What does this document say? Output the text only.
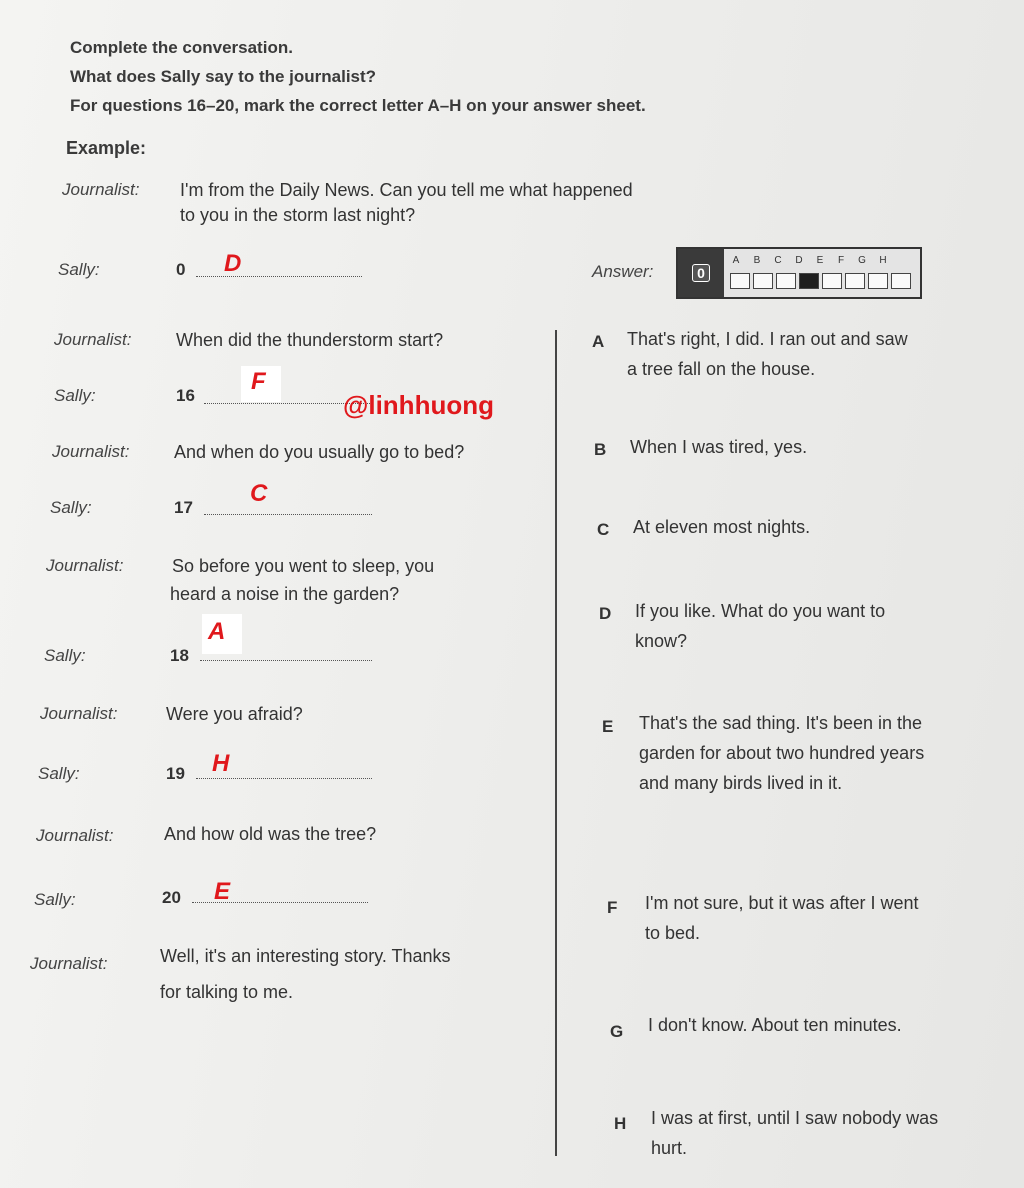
Complete the conversation.
What does Sally say to the journalist?
For questions 16–20, mark the correct letter A–H on your answer sheet.
Example:
Journalist: I'm from the Daily News. Can you tell me what happened
to you in the storm last night?
Sally:	0 D	Answer:	0
A B C D E F G H
Journalist: When did the thunderstorm start?
Sally:	16
F
Journalist: And when do you usually go to bed?
Sally:	17
C
Journalist:	So before you went to sleep, you
heard a noise in the garden?
Sally:	18
A
Journalist:	Were you afraid?
Sally:	19 H
Journalist:	And how old was the tree?
Sally:	20 E
Journalist:	Well, it's an interesting story. Thanks
for talking to me.
@linhhuong
A That's right, I did. I ran out and saw a tree fall on the house.
B When I was tired, yes.
C At eleven most nights.
D If you like. What do you want to know?
E That's the sad thing. It's been in the garden for about two hundred years and many birds lived in it.
F I'm not sure, but it was after I went to bed.
G I don't know. About ten minutes.
H I was at first, until I saw nobody was hurt.
